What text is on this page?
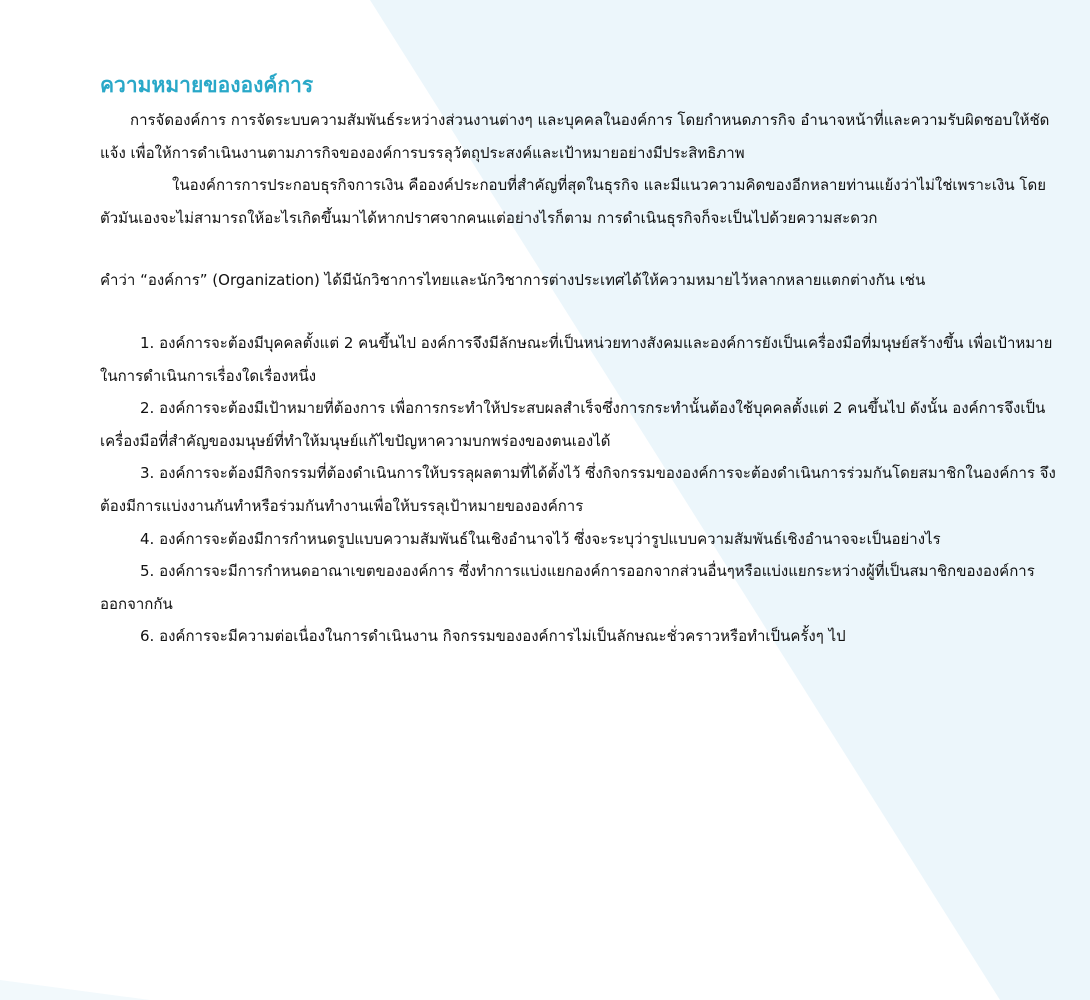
ความหมายขององค์การ

การจัดองค์การ การจัดระบบความสัมพันธ์ระหว่างส่วนงานต่างๆ และบุคคลในองค์การ โดยกำหนดภารกิจ อำนาจหน้าที่และความรับผิดชอบให้ชัดแจ้ง เพื่อให้การดำเนินงานตามภารกิจขององค์การบรรลุวัตถุประสงค์และเป้าหมายอย่างมีประสิทธิภาพ

ในองค์การการประกอบธุรกิจการเงิน คือองค์ประกอบที่สำคัญที่สุดในธุรกิจ และมีแนวความคิดของอีกหลายท่านแย้งว่าไม่ใช่เพราะเงิน โดยตัวมันเองจะไม่สามารถให้อะไรเกิดขึ้นมาได้หากปราศจากคนแต่อย่างไรก็ตาม การดำเนินธุรกิจก็จะเป็นไปด้วยความสะดวก

คำว่า “องค์การ” (Organization) ได้มีนักวิชาการไทยและนักวิชาการต่างประเทศได้ให้ความหมายไว้หลากหลายแตกต่างกัน เช่น

1. องค์การจะต้องมีบุคคลตั้งแต่ 2 คนขึ้นไป องค์การจึงมีลักษณะที่เป็นหน่วยทางสังคมและองค์การยังเป็นเครื่องมือที่มนุษย์สร้างขึ้น เพื่อเป้าหมายในการดำเนินการเรื่องใดเรื่องหนึ่ง

2. องค์การจะต้องมีเป้าหมายที่ต้องการ เพื่อการกระทำให้ประสบผลสำเร็จซึ่งการกระทำนั้นต้องใช้บุคคลตั้งแต่ 2 คนขึ้นไป ดังนั้น องค์การจึงเป็นเครื่องมือที่สำคัญของมนุษย์ที่ทำให้มนุษย์แก้ไขปัญหาความบกพร่องของตนเองได้

3. องค์การจะต้องมีกิจกรรมที่ต้องดำเนินการให้บรรลุผลตามที่ได้ตั้งไว้ ซึ่งกิจกรรมขององค์การจะต้องดำเนินการร่วมกันโดยสมาชิกในองค์การ จึงต้องมีการแบ่งงานกันทำหรือร่วมกันทำงานเพื่อให้บรรลุเป้าหมายขององค์การ

4. องค์การจะต้องมีการกำหนดรูปแบบความสัมพันธ์ในเชิงอำนาจไว้ ซึ่งจะระบุว่ารูปแบบความสัมพันธ์เชิงอำนาจจะเป็นอย่างไร

5. องค์การจะมีการกำหนดอาณาเขตขององค์การ ซึ่งทำการแบ่งแยกองค์การออกจากส่วนอื่นๆหรือแบ่งแยกระหว่างผู้ที่เป็นสมาชิกขององค์การออกจากกัน

6. องค์การจะมีความต่อเนื่องในการดำเนินงาน กิจกรรมขององค์การไม่เป็นลักษณะชั่วคราวหรือทำเป็นครั้งๆ ไป
